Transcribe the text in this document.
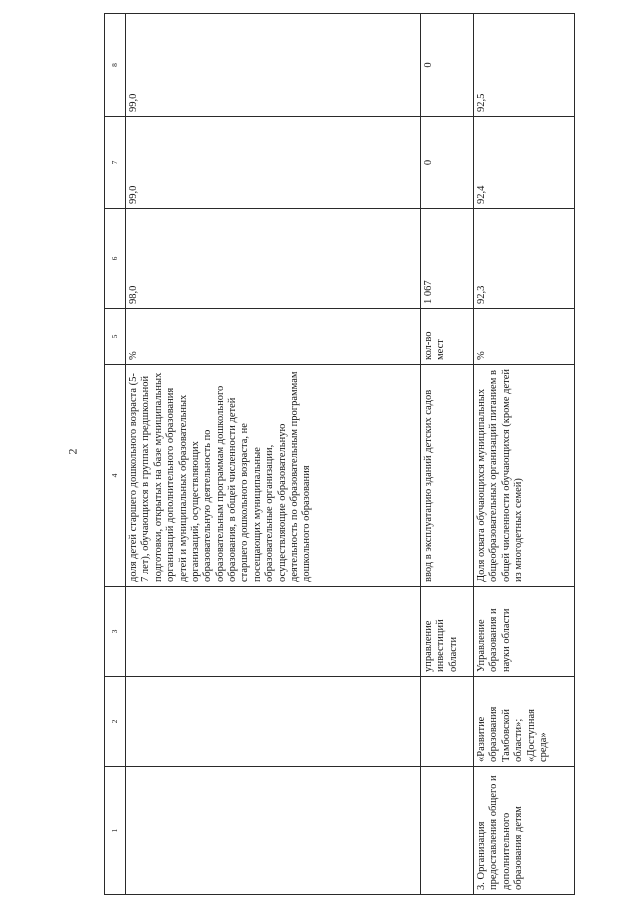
2
1	2	3	4	5	6	7	8
			доля детей старшего дошкольного возраста (5-7 лет), обучающихся в группах предшкольной подготовки, открытых на базе муниципальных организаций дополнительного образования детей и муниципальных образовательных организаций, осуществляющих образовательную деятельность по образовательным программам дошкольного образования, в общей численности детей старшего дошкольного возраста, не посещающих муниципальные образовательные организации, осуществляющие образовательную деятельность по образовательным программам дошкольного образования	%	98,0	99,0	99,0
		управление инвестиций области	ввод в эксплуатацию зданий детских садов	кол-во мест	1 067	0	0
3. Организация предоставления общего и дополнительного образования детям	«Развитие образования Тамбовской области»; «Доступная среда»	Управление образования и науки области	Доля охвата обучающихся муниципальных общеобразовательных организаций питанием в общей численности обучающихся (кроме детей из многодетных семей)	%	92,3	92,4	92,5
